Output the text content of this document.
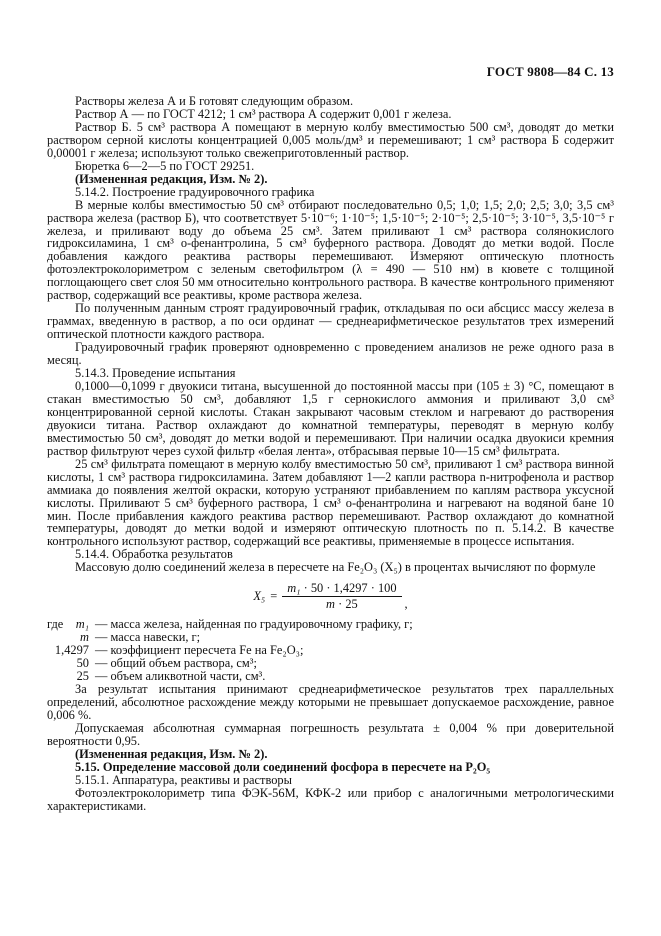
ГОСТ 9808—84 С. 13
Растворы железа А и Б готовят следующим образом.
Раствор А — по ГОСТ 4212; 1 см³ раствора А содержит 0,001 г железа.
Раствор Б. 5 см³ раствора А помещают в мерную колбу вместимостью 500 см³, доводят до метки раствором серной кислоты концентрацией 0,005 моль/дм³ и перемешивают; 1 см³ раствора Б содержит 0,00001 г железа; используют только свежеприготовленный раствор.
Бюретка 6—2—5 по ГОСТ 29251.
(Измененная редакция, Изм. № 2).
5.14.2. Построение градуировочного графика
В мерные колбы вместимостью 50 см³ отбирают последовательно 0,5; 1,0; 1,5; 2,0; 2,5; 3,0; 3,5 см³ раствора железа (раствор Б), что соответствует 5·10⁻⁶; 1·10⁻⁵; 1,5·10⁻⁵; 2·10⁻⁵; 2,5·10⁻⁵; 3·10⁻⁵, 3,5·10⁻⁵ г железа, и приливают воду до объема 25 см³. Затем приливают 1 см³ раствора солянокислого гидроксиламина, 1 см³ о-фенантролина, 5 см³ буферного раствора. Доводят до метки водой. После добавления каждого реактива растворы перемешивают. Измеряют оптическую плотность фотоэлектроколориметром с зеленым светофильтром (λ = 490 — 510 нм) в кювете с толщиной поглощающего свет слоя 50 мм относительно контрольного раствора. В качестве контрольного применяют раствор, содержащий все реактивы, кроме раствора железа.
По полученным данным строят градуировочный график, откладывая по оси абсцисс массу железа в граммах, введенную в раствор, а по оси ординат — среднеарифметическое результатов трех измерений оптической плотности каждого раствора.
Градуировочный график проверяют одновременно с проведением анализов не реже одного раза в месяц.
5.14.3. Проведение испытания
0,1000—0,1099 г двуокиси титана, высушенной до постоянной массы при (105 ± 3) °С, помещают в стакан вместимостью 50 см³, добавляют 1,5 г сернокислого аммония и приливают 3,0 см³ концентрированной серной кислоты. Стакан закрывают часовым стеклом и нагревают до растворения двуокиси титана. Раствор охлаждают до комнатной температуры, переводят в мерную колбу вместимостью 50 см³, доводят до метки водой и перемешивают. При наличии осадка двуокиси кремния раствор фильтруют через сухой фильтр «белая лента», отбрасывая первые 10—15 см³ фильтрата.
25 см³ фильтрата помещают в мерную колбу вместимостью 50 см³, приливают 1 см³ раствора винной кислоты, 1 см³ раствора гидроксиламина. Затем добавляют 1—2 капли раствора n-нитрофенола и раствор аммиака до появления желтой окраски, которую устраняют прибавлением по каплям раствора уксусной кислоты. Приливают 5 см³ буферного раствора, 1 см³ о-фенантролина и нагревают на водяной бане 10 мин. После прибавления каждого реактива раствор перемешивают. Раствор охлаждают до комнатной температуры, доводят до метки водой и измеряют оптическую плотность по п. 5.14.2. В качестве контрольного используют раствор, содержащий все реактивы, применяемые в процессе испытания.
5.14.4. Обработка результатов
Массовую долю соединений железа в пересчете на Fe₂O₃ (X₅) в процентах вычисляют по формуле
$X_5 = \frac{\text{m₁ · 50 · 1,4297 · 100}}{m \cdot 25}$ ,
где	m₁ — масса железа, найденная по градуировочному графику, г;
m — масса навески, г;
1,4297 — коэффициент пересчета Fe на Fe₂O₃;
50 — общий объем раствора, см³;
25 — объем аликвотной части, см³.
За результат испытания принимают среднеарифметическое результатов трех параллельных определений, абсолютное расхождение между которыми не превышает допускаемое расхождение, равное 0,006 %.
Допускаемая абсолютная суммарная погрешность результата ± 0,004 % при доверительной вероятности 0,95.
(Измененная редакция, Изм. № 2).
5.15. Определение массовой доли соединений фосфора в пересчете на P₂O₅
5.15.1. Аппаратура, реактивы и растворы
Фотоэлектроколориметр типа ФЭК-56М, КФК-2 или прибор с аналогичными метрологическими характеристиками.
